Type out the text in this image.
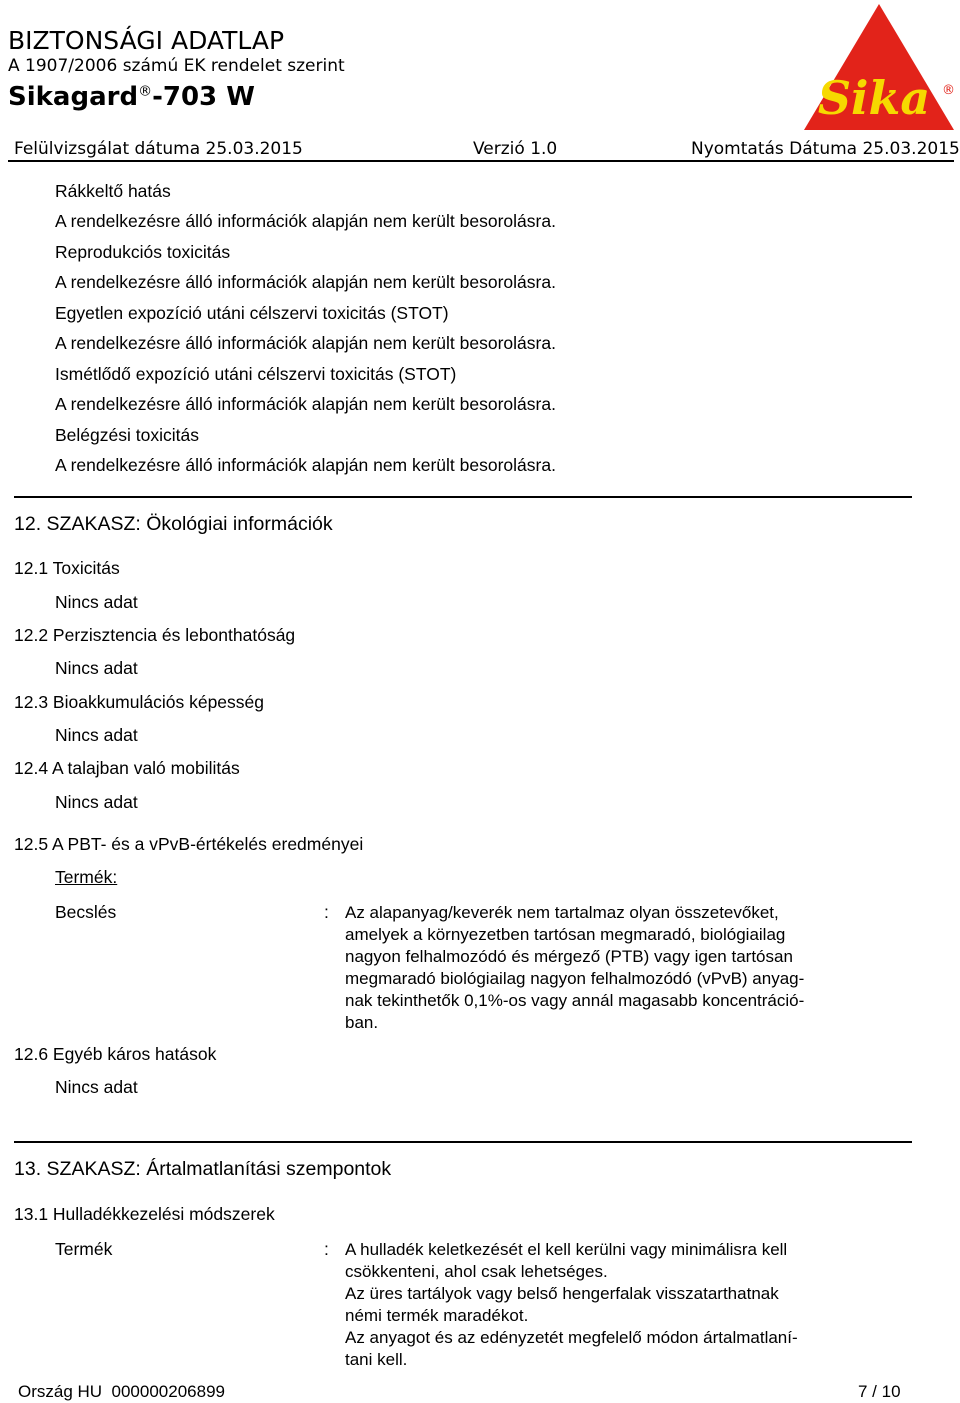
BIZTONSÁGI ADATLAP
A 1907/2006 számú EK rendelet szerint
Sikagard®-703 W	Sika ®
Felülvizsgálat dátuma 25.03.2015	Verzió 1.0	Nyomtatás Dátuma 25.03.2015
Rákkeltő hatás
A rendelkezésre álló információk alapján nem került besorolásra.
Reprodukciós toxicitás
A rendelkezésre álló információk alapján nem került besorolásra.
Egyetlen expozíció utáni célszervi toxicitás (STOT)
A rendelkezésre álló információk alapján nem került besorolásra.
Ismétlődő expozíció utáni célszervi toxicitás (STOT)
A rendelkezésre álló információk alapján nem került besorolásra.
Belégzési toxicitás
A rendelkezésre álló információk alapján nem került besorolásra.
12. SZAKASZ: Ökológiai információk
12.1 Toxicitás
Nincs adat
12.2 Perzisztencia és lebonthatóság
Nincs adat
12.3 Bioakkumulációs képesség
Nincs adat
12.4 A talajban való mobilitás
Nincs adat
12.5 A PBT- és a vPvB-értékelés eredményei
Termék:
Becslés	: Az alapanyag/keverék nem tartalmaz olyan összetevőket,
amelyek a környezetben tartósan megmaradó, biológiailag
nagyon felhalmozódó és mérgező (PTB) vagy igen tartósan
megmaradó biológiailag nagyon felhalmozódó (vPvB) anyag-
nak tekinthetők 0,1%-os vagy annál magasabb koncentráció-
ban.
12.6 Egyéb káros hatások
Nincs adat
13. SZAKASZ: Ártalmatlanítási szempontok
13.1 Hulladékkezelési módszerek
Termék	: A hulladék keletkezését el kell kerülni vagy minimálisra kell
csökkenteni, ahol csak lehetséges.
Az üres tartályok vagy belső hengerfalak visszatarthatnak
némi termék maradékot.
Az anyagot és az edényzetét megfelelő módon ártalmatlaní-
tani kell.
Ország HU  000000206899	7 / 10
